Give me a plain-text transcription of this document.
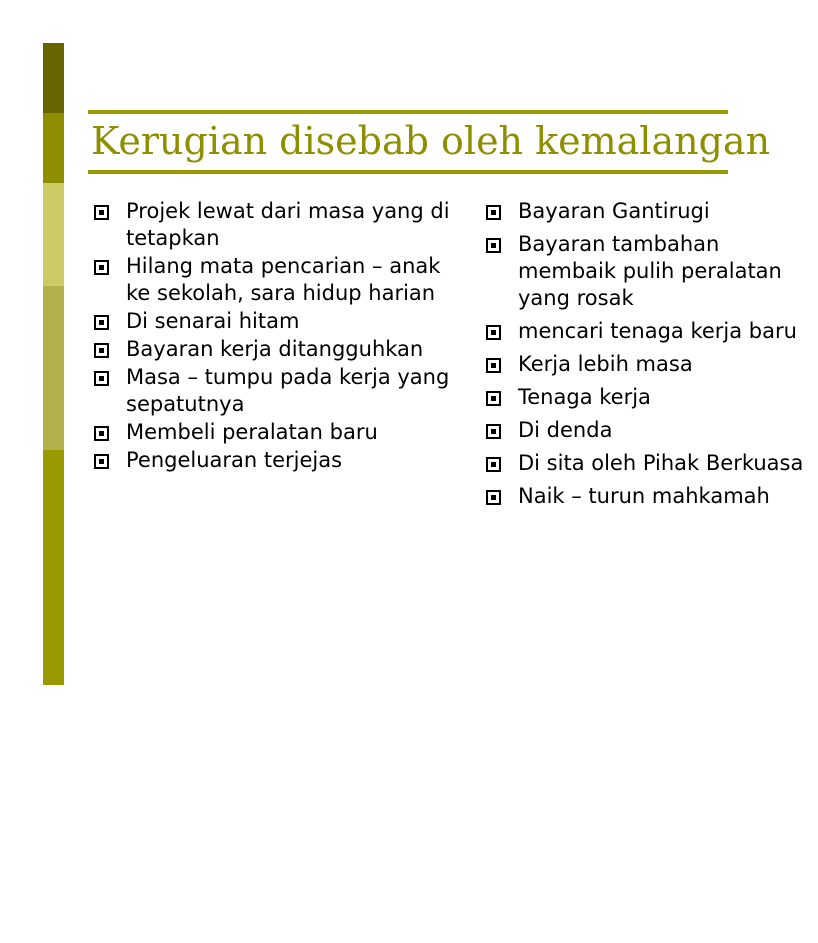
Kerugian disebab oleh kemalangan
Projek lewat dari masa yang di tetapkan
Hilang mata pencarian – anak ke sekolah, sara hidup harian
Di senarai hitam
Bayaran kerja ditangguhkan
Masa – tumpu pada kerja yang sepatutnya
Membeli peralatan baru
Pengeluaran terjejas
Bayaran Gantirugi
Bayaran tambahan membaik pulih peralatan yang rosak
mencari tenaga kerja baru
Kerja lebih masa
Tenaga kerja
Di denda
Di sita oleh Pihak Berkuasa
Naik – turun mahkamah
